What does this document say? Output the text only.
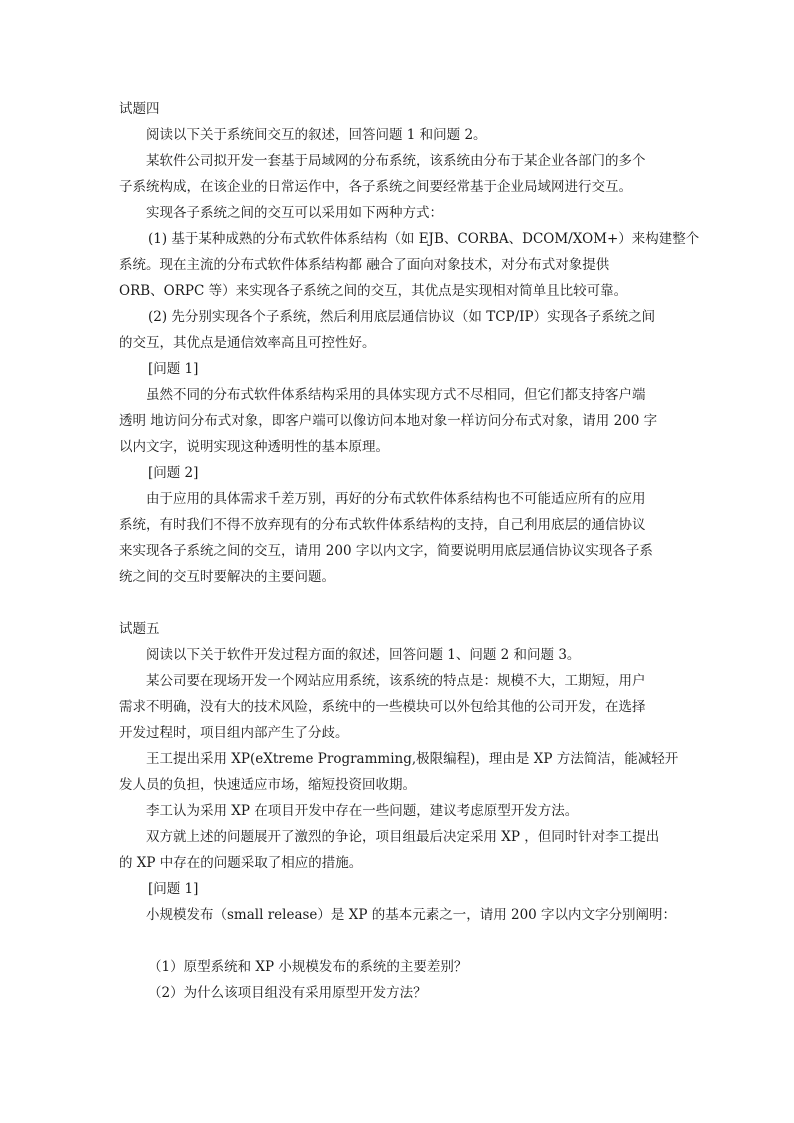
试题四
阅读以下关于系统间交互的叙述，回答问题 1 和问题 2。
某软件公司拟开发一套基于局域网的分布系统，该系统由分布于某企业各部门的多个
子系统构成，在该企业的日常运作中，各子系统之间要经常基于企业局域网进行交互。
实现各子系统之间的交互可以采用如下两种方式：
(1) 基于某种成熟的分布式软件体系结构（如 EJB、CORBA、DCOM/XOM+）来构建整个
系统。现在主流的分布式软件体系结构都 融合了面向对象技术，对分布式对象提供
ORB、ORPC 等）来实现各子系统之间的交互，其优点是实现相对简单且比较可靠。
(2) 先分别实现各个子系统，然后利用底层通信协议（如 TCP/IP）实现各子系统之间
的交互，其优点是通信效率高且可控性好。
[问题 1]
虽然不同的分布式软件体系结构采用的具体实现方式不尽相同，但它们都支持客户端
透明 地访问分布式对象，即客户端可以像访问本地对象一样访问分布式对象，请用 200 字
以内文字，说明实现这种透明性的基本原理。
[问题 2]
由于应用的具体需求千差万别，再好的分布式软件体系结构也不可能适应所有的应用
系统，有时我们不得不放弃现有的分布式软件体系结构的支持，自己利用底层的通信协议
来实现各子系统之间的交互，请用 200 字以内文字，简要说明用底层通信协议实现各子系
统之间的交互时要解决的主要问题。
试题五
阅读以下关于软件开发过程方面的叙述，回答问题 1、问题 2 和问题 3。
某公司要在现场开发一个网站应用系统，该系统的特点是：规模不大，工期短，用户
需求不明确，没有大的技术风险，系统中的一些模块可以外包给其他的公司开发，在选择
开发过程时，项目组内部产生了分歧。
王工提出采用 XP(eXtreme Programming,极限编程)，理由是 XP 方法简洁，能减轻开
发人员的负担，快速适应市场，缩短投资回收期。
李工认为采用 XP 在项目开发中存在一些问题，建议考虑原型开发方法。
双方就上述的问题展开了激烈的争论，项目组最后决定采用 XP ，但同时针对李工提出
的 XP 中存在的问题采取了相应的措施。
[问题 1]
小规模发布（small release）是 XP 的基本元素之一，请用 200 字以内文字分别阐明：
（1）原型系统和 XP 小规模发布的系统的主要差别？
（2）为什么该项目组没有采用原型开发方法？
